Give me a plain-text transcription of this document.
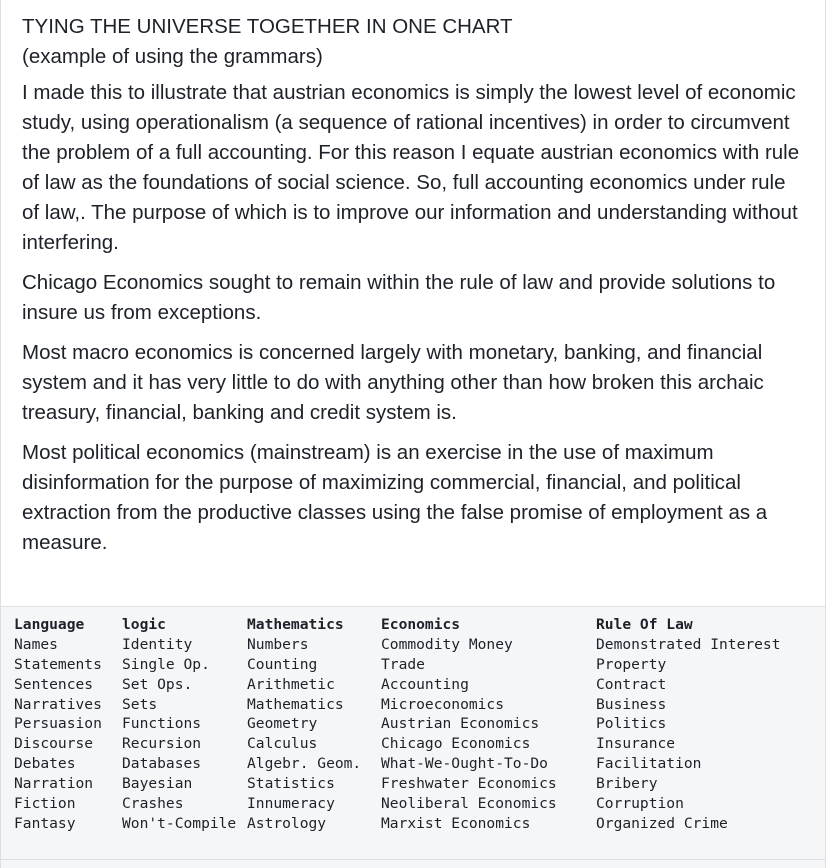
TYING THE UNIVERSE TOGETHER IN ONE CHART
(example of using the grammars)

I made this to illustrate that austrian economics is simply the lowest level of economic study, using operationalism (a sequence of rational incentives) in order to circumvent the problem of a full accounting. For this reason I equate austrian economics with rule of law as the foundations of social science. So, full accounting economics under rule of law,. The purpose of which is to improve our information and understanding without interfering.

Chicago Economics sought to remain within the rule of law and provide solutions to insure us from exceptions.

Most macro economics is concerned largely with monetary, banking, and financial system and it has very little to do with anything other than how broken this archaic treasury, financial, banking and credit system is.

Most political economics (mainstream) is an exercise in the use of maximum disinformation for the purpose of maximizing commercial, financial, and political extraction from the productive classes using the false promise of employment as a measure.

Language	logic	Mathematics	Economics	Rule Of Law
Names	Identity	Numbers	Commodity Money	Demonstrated Interest
Statements	Single Op.	Counting	Trade	Property
Sentences	Set Ops.	Arithmetic	Accounting	Contract
Narratives	Sets	Mathematics	Microeconomics	Business
Persuasion	Functions	Geometry	Austrian Economics	Politics
Discourse	Recursion	Calculus	Chicago Economics	Insurance
Debates	Databases	Algebr. Geom.	What-We-Ought-To-Do	Facilitation
Narration	Bayesian	Statistics	Freshwater Economics	Bribery
Fiction	Crashes	Innumeracy	Neoliberal Economics	Corruption
Fantasy	Won't-Compile	Astrology	Marxist Economics	Organized Crime
